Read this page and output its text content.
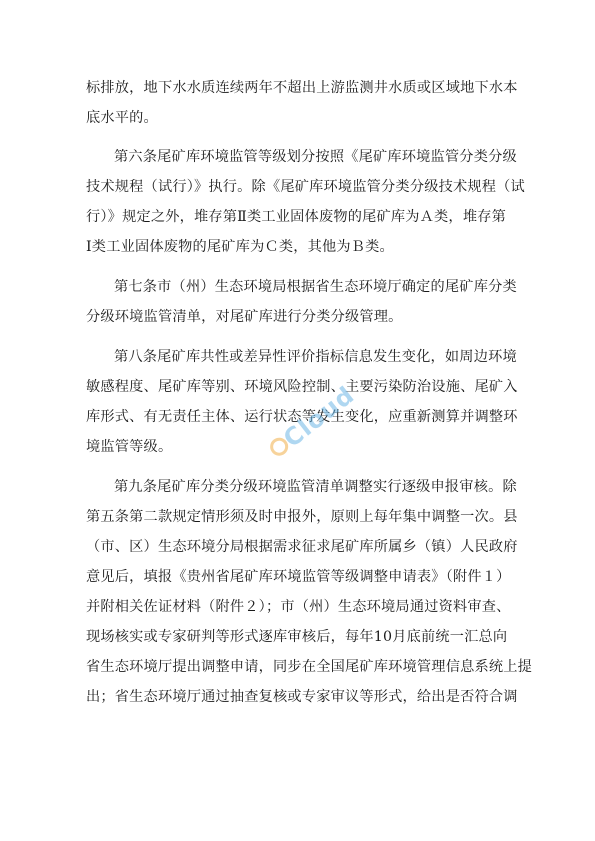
标排放，地下水水质连续两年不超出上游监测井水质或区域地下水本
底水平的。
第六条尾矿库环境监管等级划分按照《尾矿库环境监管分类分级
技术规程（试行）》执行。除《尾矿库环境监管分类分级技术规程（试
行）》规定之外，堆存第Ⅱ类工业固体废物的尾矿库为Ａ类，堆存第
Ⅰ类工业固体废物的尾矿库为Ｃ类，其他为Ｂ类。
第七条市（州）生态环境局根据省生态环境厅确定的尾矿库分类
分级环境监管清单，对尾矿库进行分类分级管理。
第八条尾矿库共性或差异性评价指标信息发生变化，如周边环境
敏感程度、尾矿库等别、环境风险控制、主要污染防治设施、尾矿入
库形式、有无责任主体、运行状态等发生变化，应重新测算并调整环
境监管等级。
第九条尾矿库分类分级环境监管清单调整实行逐级申报审核。除
第五条第二款规定情形须及时申报外，原则上每年集中调整一次。县
（市、区）生态环境分局根据需求征求尾矿库所属乡（镇）人民政府
意见后，填报《贵州省尾矿库环境监管等级调整申请表》（附件１）
并附相关佐证材料（附件２）；市（州）生态环境局通过资料审查、
现场核实或专家研判等形式逐库审核后，每年10月底前统一汇总向
省生态环境厅提出调整申请，同步在全国尾矿库环境管理信息系统上提
出；省生态环境厅通过抽查复核或专家审议等形式，给出是否符合调
Cloud
